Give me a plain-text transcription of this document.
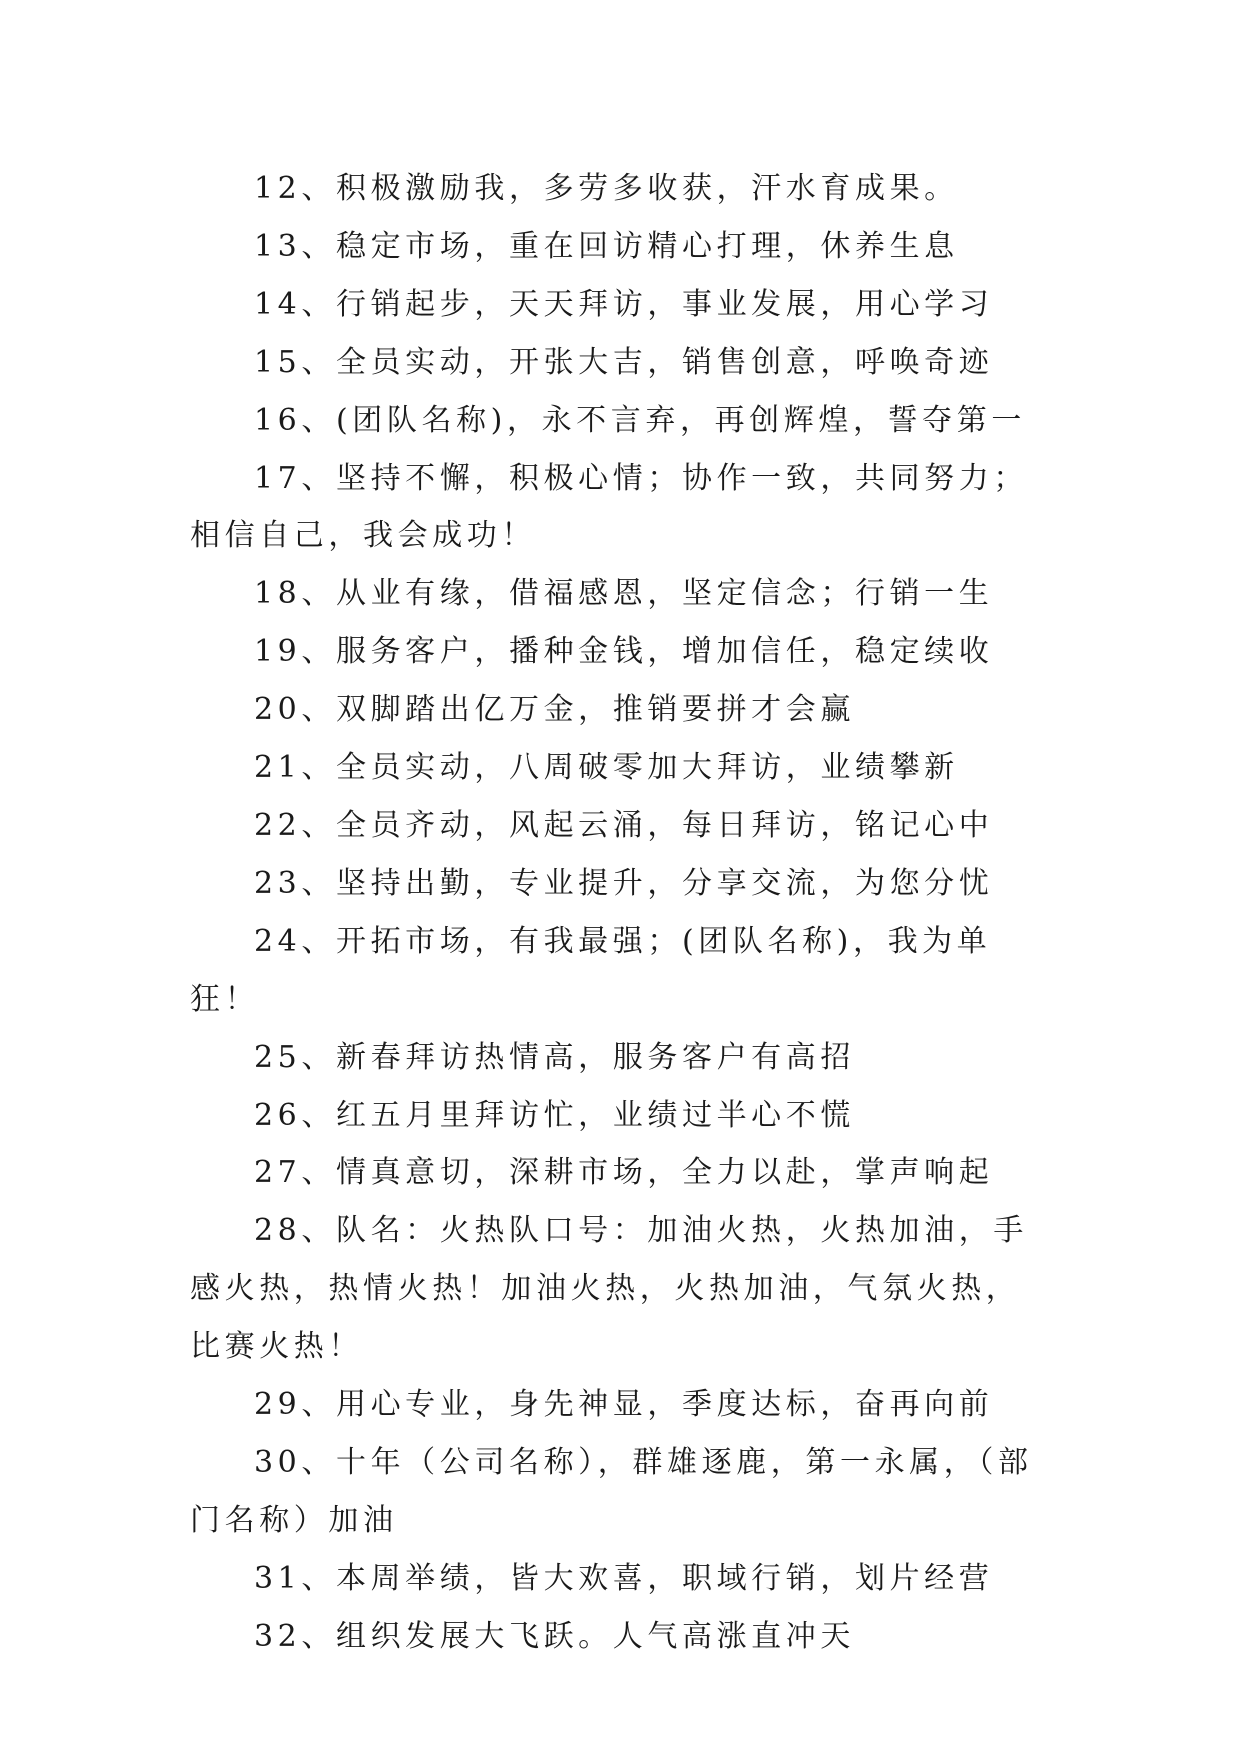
12、积极激励我，多劳多收获，汗水育成果。

13、稳定市场，重在回访精心打理，休养生息

14、行销起步，天天拜访，事业发展，用心学习

15、全员实动，开张大吉，销售创意，呼唤奇迹

16、(团队名称)，永不言弃，再创辉煌，誓夺第一

17、坚持不懈，积极心情；协作一致，共同努力；相信自己，我会成功！

18、从业有缘，借福感恩，坚定信念；行销一生

19、服务客户，播种金钱，增加信任，稳定续收

20、双脚踏出亿万金，推销要拼才会赢

21、全员实动，八周破零加大拜访，业绩攀新

22、全员齐动，风起云涌，每日拜访，铭记心中

23、坚持出勤，专业提升，分享交流，为您分忧

24、开拓市场，有我最强；(团队名称)，我为单狂！

25、新春拜访热情高，服务客户有高招

26、红五月里拜访忙，业绩过半心不慌

27、情真意切，深耕市场，全力以赴，掌声响起

28、队名：火热队口号：加油火热，火热加油，手感火热，热情火热！加油火热，火热加油，气氛火热，比赛火热！

29、用心专业，身先神显，季度达标，奋再向前

30、十年（公司名称），群雄逐鹿，第一永属，（部门名称）加油

31、本周举绩，皆大欢喜，职域行销，划片经营

32、组织发展大飞跃。人气高涨直冲天
